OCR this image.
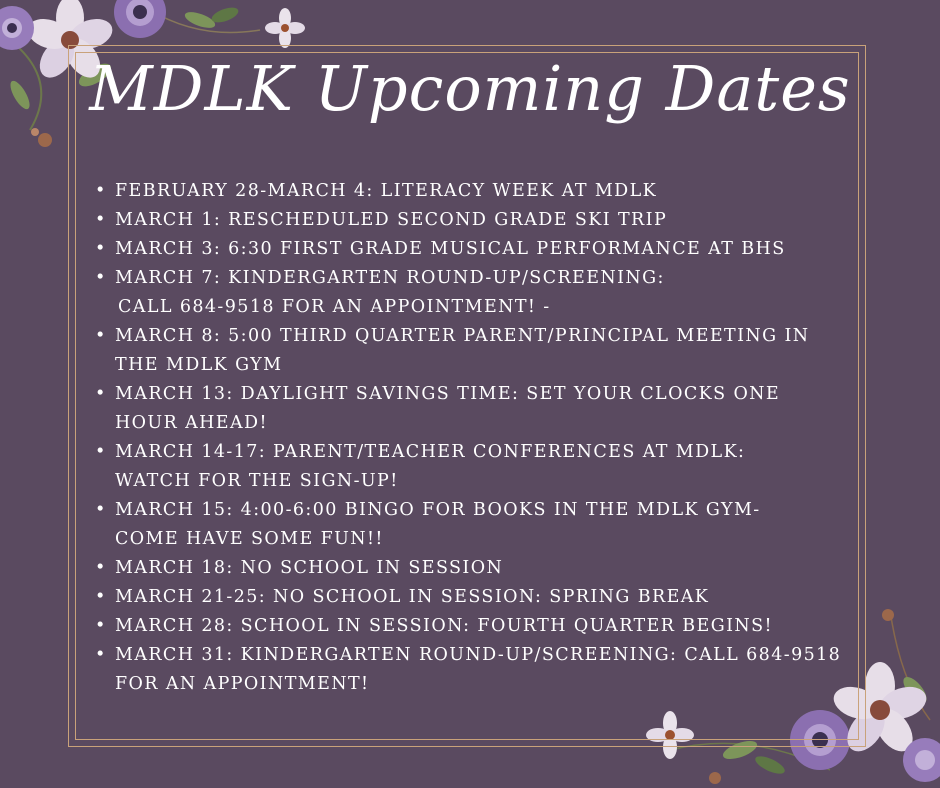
MDLK Upcoming Dates
• FEBRUARY 28-MARCH 4: LITERACY WEEK AT MDLK
• MARCH 1: RESCHEDULED SECOND GRADE SKI TRIP
• MARCH 3: 6:30 FIRST GRADE MUSICAL PERFORMANCE AT BHS
• MARCH 7: KINDERGARTEN ROUND-UP/SCREENING:
CALL 684-9518 FOR AN APPOINTMENT! -
• MARCH 8: 5:00 THIRD QUARTER PARENT/PRINCIPAL MEETING IN
THE MDLK GYM
• MARCH 13: DAYLIGHT SAVINGS TIME: SET YOUR CLOCKS ONE
HOUR AHEAD!
• MARCH 14-17: PARENT/TEACHER CONFERENCES AT MDLK:
WATCH FOR THE SIGN-UP!
• MARCH 15: 4:00-6:00 BINGO FOR BOOKS IN THE MDLK GYM-
COME HAVE SOME FUN!!
• MARCH 18: NO SCHOOL IN SESSION
• MARCH 21-25: NO SCHOOL IN SESSION: SPRING BREAK
• MARCH 28: SCHOOL IN SESSION: FOURTH QUARTER BEGINS!
• MARCH 31: KINDERGARTEN ROUND-UP/SCREENING: CALL 684-9518
FOR AN APPOINTMENT!
